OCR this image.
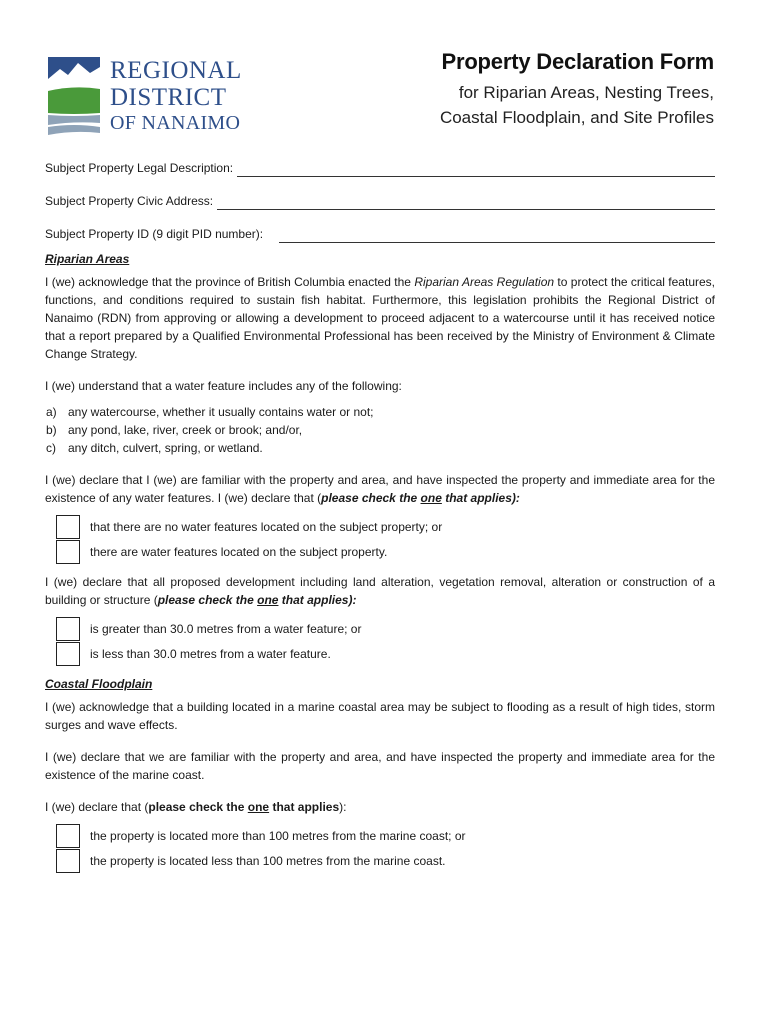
REGIONAL
DISTRICT
OF NANAIMO
Property Declaration Form
for Riparian Areas, Nesting Trees,
Coastal Floodplain, and Site Profiles
Subject Property Legal Description:
Subject Property Civic Address:
Subject Property ID (9 digit PID number):
Riparian Areas

I (we) acknowledge that the province of British Columbia enacted the Riparian Areas Regulation to protect the critical features, functions, and conditions required to sustain fish habitat. Furthermore, this legislation prohibits the Regional District of Nanaimo (RDN) from approving or allowing a development to proceed adjacent to a watercourse until it has received notice that a report prepared by a Qualified Environmental Professional has been received by the Ministry of Environment & Climate Change Strategy.

I (we) understand that a water feature includes any of the following:

a) any watercourse, whether it usually contains water or not;
b) any pond, lake, river, creek or brook; and/or,
c)	any ditch, culvert, spring, or wetland.

I (we) declare that I (we) are familiar with the property and area, and have inspected the property and immediate area for the existence of any water features. I (we) declare that (please check the one that applies):

that there are no water features located on the subject property; or
there are water features located on the subject property.

I (we) declare that all proposed development including land alteration, vegetation removal, alteration or construction of a building or structure (please check the one that applies):

is greater than 30.0 metres from a water feature; or
is less than 30.0 metres from a water feature.
Coastal Floodplain

I (we) acknowledge that a building located in a marine coastal area may be subject to flooding as a result of high tides, storm surges and wave effects.

I (we) declare that we are familiar with the property and area, and have inspected the property and immediate area for the existence of the marine coast.

I (we) declare that (please check the one that applies):

the property is located more than 100 metres from the marine coast; or
the property is located less than 100 metres from the marine coast.
